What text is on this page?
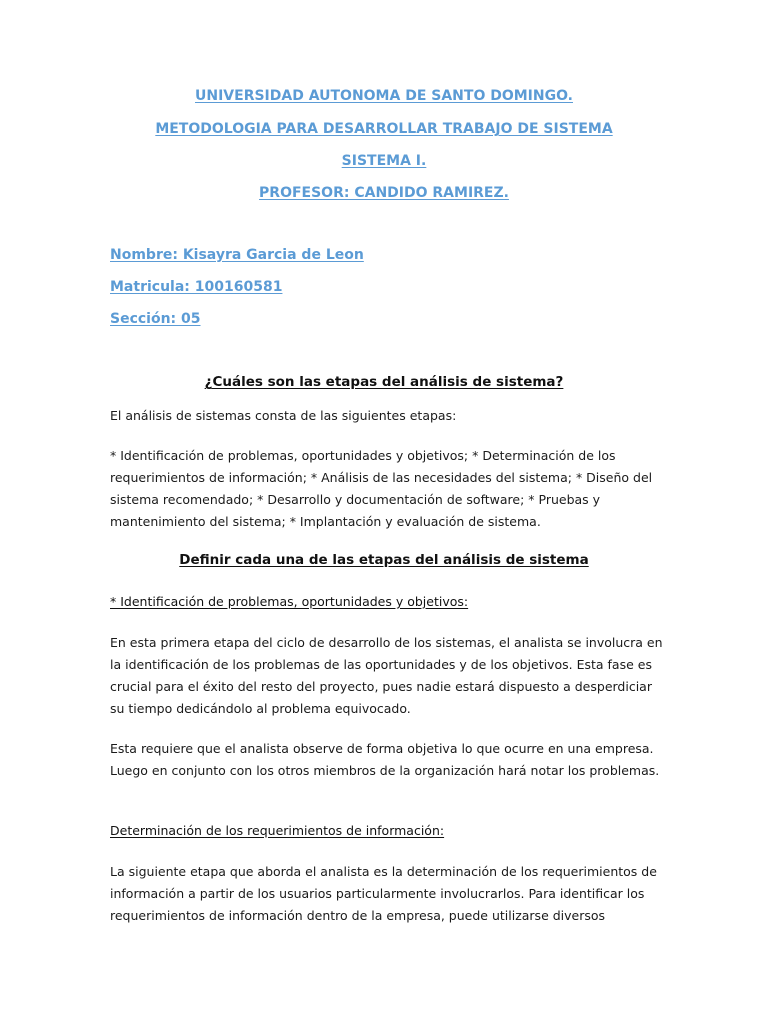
UNIVERSIDAD AUTONOMA DE SANTO DOMINGO.
METODOLOGIA PARA DESARROLLAR TRABAJO DE SISTEMA
SISTEMA I.
PROFESOR: CANDIDO RAMIREZ.
Nombre: Kisayra Garcia de Leon
Matricula: 100160581
Sección: 05
¿Cuáles son las etapas del análisis de sistema?
El análisis de sistemas consta de las siguientes etapas:
* Identificación de problemas, oportunidades y objetivos; * Determinación de los requerimientos de información; * Análisis de las necesidades del sistema; * Diseño del sistema recomendado; * Desarrollo y documentación de software; * Pruebas y mantenimiento del sistema; * Implantación y evaluación de sistema.
Definir cada una de las etapas del análisis de sistema
* Identificación de problemas, oportunidades y objetivos:
En esta primera etapa del ciclo de desarrollo de los sistemas, el analista se involucra en la identificación de los problemas de las oportunidades y de los objetivos. Esta fase es crucial para el éxito del resto del proyecto, pues nadie estará dispuesto a desperdiciar su tiempo dedicándolo al problema equivocado.
Esta requiere que el analista observe de forma objetiva lo que ocurre en una empresa. Luego en conjunto con los otros miembros de la organización hará notar los problemas.
Determinación de los requerimientos de información:
La siguiente etapa que aborda el analista es la determinación de los requerimientos de información a partir de los usuarios particularmente involucrarlos. Para identificar los requerimientos de información dentro de la empresa, puede utilizarse diversos
